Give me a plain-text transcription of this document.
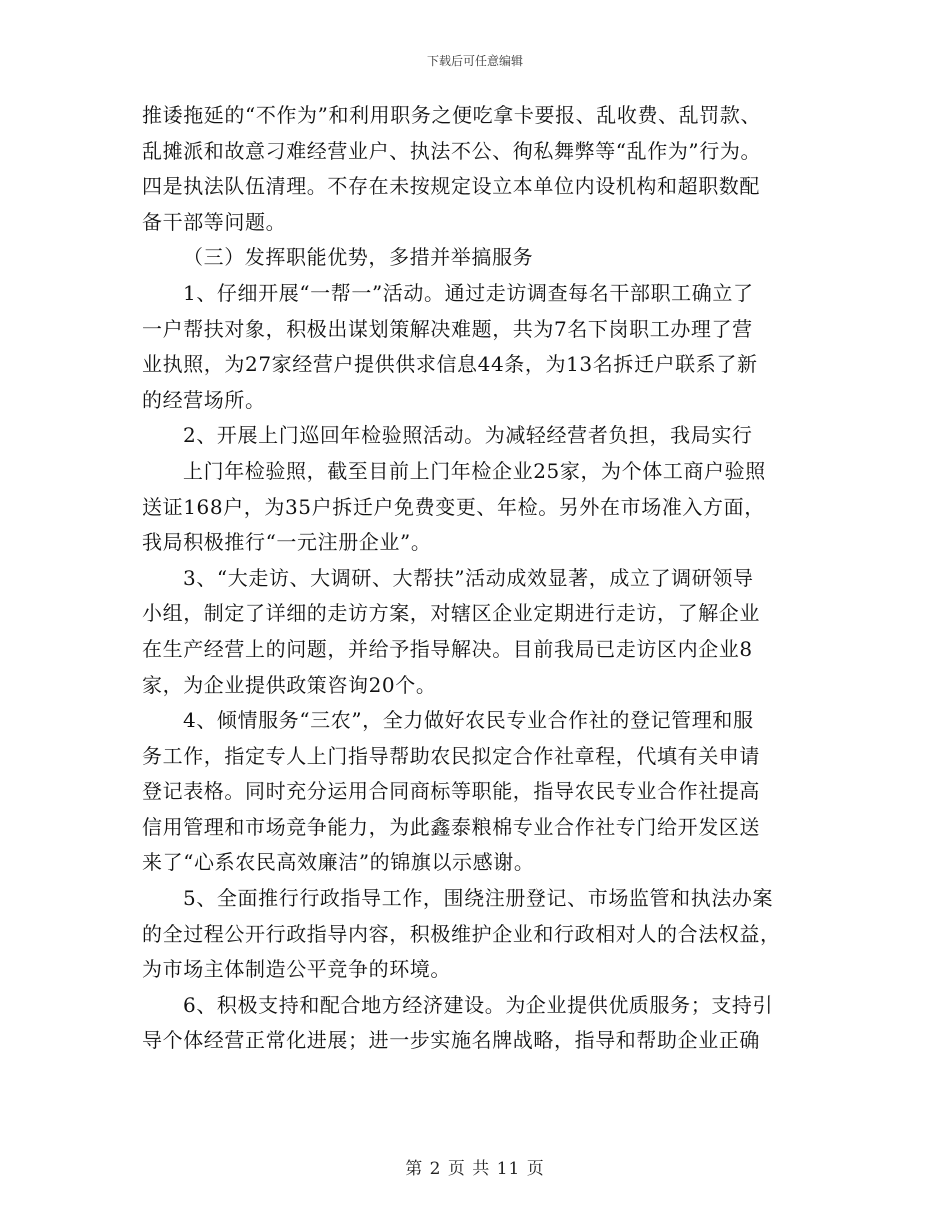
下载后可任意编辑
推诿拖延的“不作为”和利用职务之便吃拿卡要报、乱收费、乱罚款、
乱摊派和故意刁难经营业户、执法不公、徇私舞弊等“乱作为”行为。
四是执法队伍清理。不存在未按规定设立本单位内设机构和超职数配
备干部等问题。
（三）发挥职能优势，多措并举搞服务
1、仔细开展“一帮一”活动。通过走访调查每名干部职工确立了
一户帮扶对象，积极出谋划策解决难题，共为7名下岗职工办理了营
业执照，为27家经营户提供供求信息44条，为13名拆迁户联系了新
的经营场所。
2、开展上门巡回年检验照活动。为减轻经营者负担，我局实行
上门年检验照，截至目前上门年检企业25家，为个体工商户验照
送证168户，为35户拆迁户免费变更、年检。另外在市场准入方面，
我局积极推行“一元注册企业”。
3、“大走访、大调研、大帮扶”活动成效显著，成立了调研领导
小组，制定了详细的走访方案，对辖区企业定期进行走访，了解企业
在生产经营上的问题，并给予指导解决。目前我局已走访区内企业8
家，为企业提供政策咨询20个。
4、倾情服务“三农”，全力做好农民专业合作社的登记管理和服
务工作，指定专人上门指导帮助农民拟定合作社章程，代填有关申请
登记表格。同时充分运用合同商标等职能，指导农民专业合作社提高
信用管理和市场竞争能力，为此鑫泰粮棉专业合作社专门给开发区送
来了“心系农民高效廉洁”的锦旗以示感谢。
5、全面推行行政指导工作，围绕注册登记、市场监管和执法办案
的全过程公开行政指导内容，积极维护企业和行政相对人的合法权益，
为市场主体制造公平竞争的环境。
6、积极支持和配合地方经济建设。为企业提供优质服务；支持引
导个体经营正常化进展；进一步实施名牌战略，指导和帮助企业正确
第 2 页 共 11 页
